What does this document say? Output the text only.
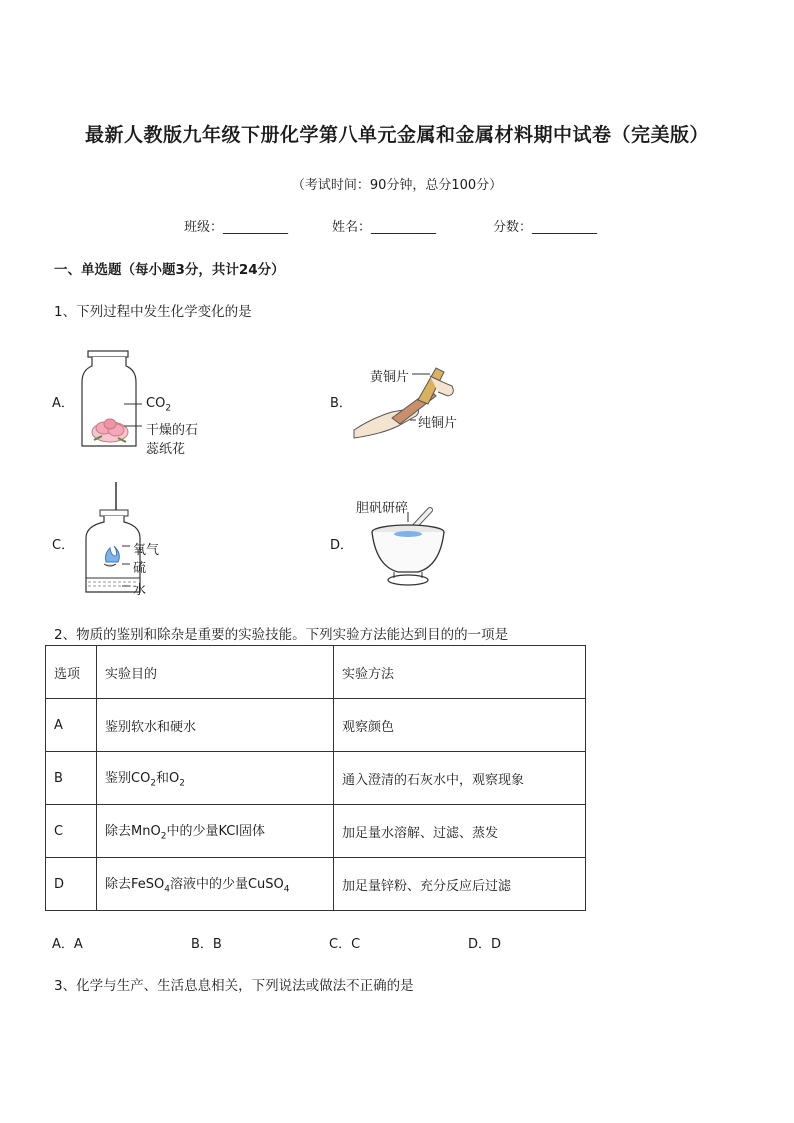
最新人教版九年级下册化学第八单元金属和金属材料期中试卷（完美版）
（考试时间：90分钟，总分100分）
班级：__________	姓名：__________	分数：__________
一、单选题（每小题3分，共计24分）
1、下列过程中发生化学变化的是
A．	$CO_2$
干燥的石
蕊纸花
B．
黄铜片
纯铜片
C．	氧气
硫
水
D．
胆矾研碎
2、物质的鉴别和除杂是重要的实验技能。下列实验方法能达到目的的一项是
选项	实验目的	实验方法
A	鉴别软水和硬水	观察颜色
B	鉴别$CO_2$和$O_2$	通入澄清的石灰水中，观察现象
C	除去MnO$_2$中的少量KCl固体	加足量水溶解、过滤、蒸发
D	除去FeSO$_4$溶液中的少量CuSO$_4$	加足量锌粉、充分反应后过滤
A．A	B．B	C．C	D．D
3、化学与生产、生活息息相关，下列说法或做法不正确的是
